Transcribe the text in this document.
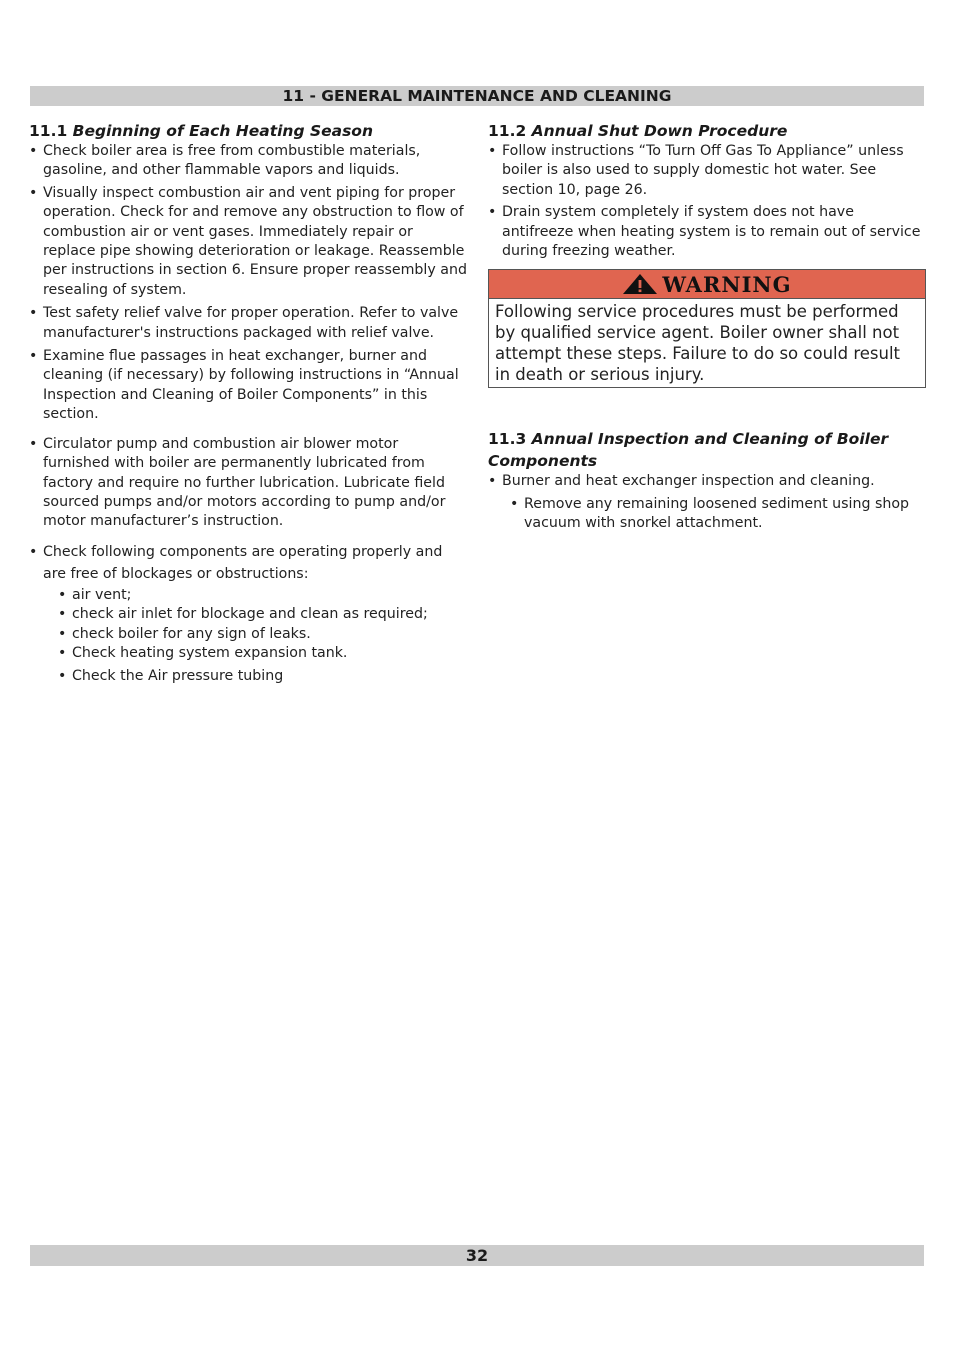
11 - GENERAL MAINTENANCE AND CLEANING
11.1 Beginning of Each Heating Season
• Check boiler area is free from combustible materials, gasoline, and other flammable vapors and liquids.
• Visually inspect combustion air and vent piping for proper operation. Check for and remove any obstruction to flow of combustion air or vent gases. Immediately repair or replace pipe showing deterioration or leakage. Reassemble per instructions in section 6. Ensure proper reassembly and resealing of system.
• Test safety relief valve for proper operation. Refer to valve manufacturer's instructions packaged with relief valve.
• Examine flue passages in heat exchanger, burner and cleaning (if necessary) by following instructions in “Annual Inspection and Cleaning of Boiler Components” in this section.
• Circulator pump and combustion air blower motor furnished with boiler are permanently lubricated from factory and require no further lubrication. Lubricate field sourced pumps and/or motors according to pump and/or motor manufacturer’s instruction.
• Check following components are operating properly and are free of blockages or obstructions:
• air vent;
• check air inlet for blockage and clean as required;
• check boiler for any sign of leaks.
• Check heating system expansion tank.
• Check the Air pressure tubing
11.2 Annual Shut Down Procedure
• Follow instructions “To Turn Off Gas To Appliance” unless boiler is also used to supply domestic hot water. See section 10, page 26.
• Drain system completely if system does not have antifreeze when heating system is to remain out of service during freezing weather.
WARNING
Following service procedures must be performed by qualified service agent. Boiler owner shall not attempt these steps. Failure to do so could result in death or serious injury.
11.3 Annual Inspection and Cleaning of Boiler Components
• Burner and heat exchanger inspection and cleaning.
• Remove any remaining loosened sediment using shop vacuum with snorkel attachment.
32
